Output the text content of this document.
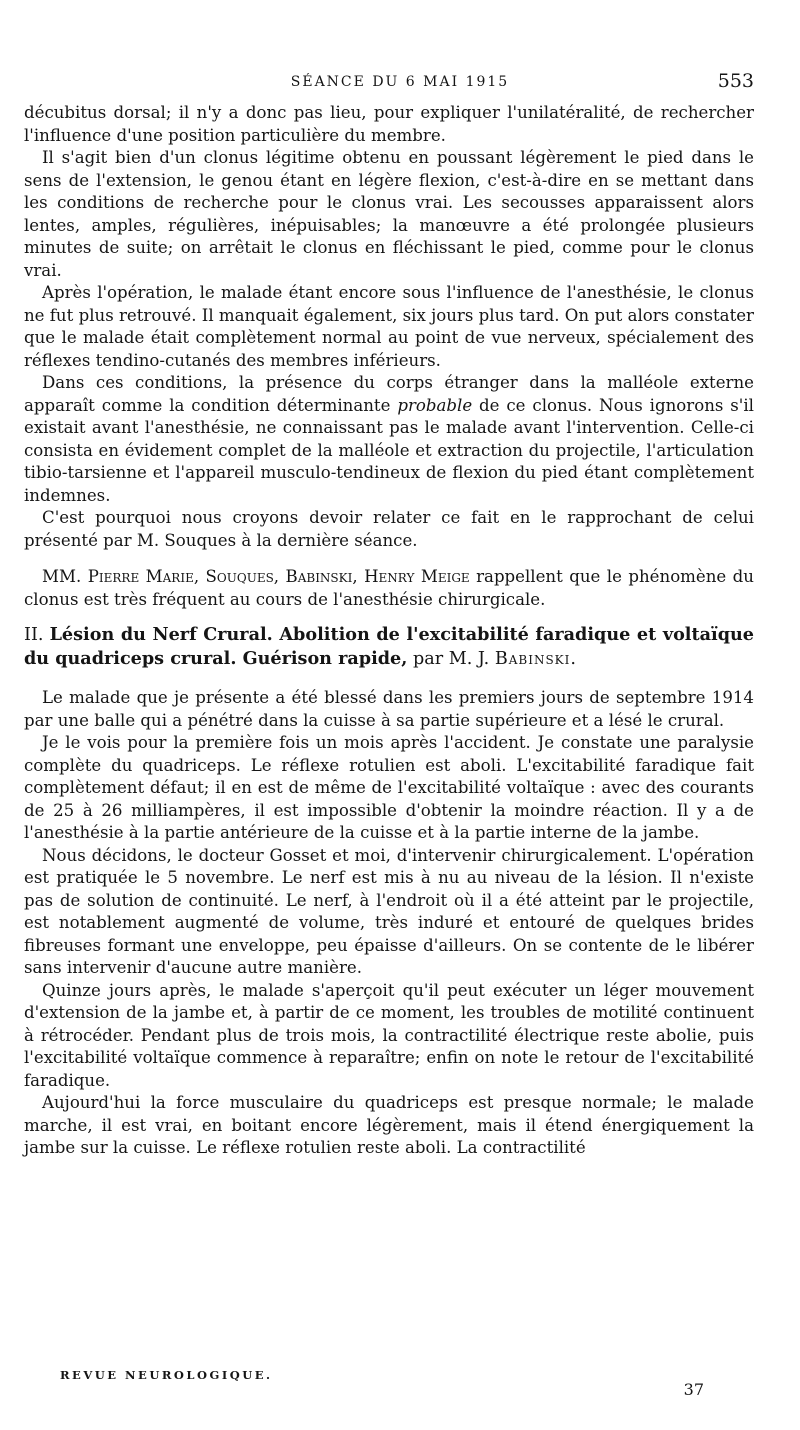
SÉANCE DU 6 MAI 1915	553

décubitus dorsal; il n'y a donc pas lieu, pour expliquer l'unilatéralité, de rechercher l'influence d'une position particulière du membre.

Il s'agit bien d'un clonus légitime obtenu en poussant légèrement le pied dans le sens de l'extension, le genou étant en légère flexion, c'est-à-dire en se mettant dans les conditions de recherche pour le clonus vrai. Les secousses apparaissent alors lentes, amples, régulières, inépuisables; la manœuvre a été prolongée plusieurs minutes de suite; on arrêtait le clonus en fléchissant le pied, comme pour le clonus vrai.

Après l'opération, le malade étant encore sous l'influence de l'anesthésie, le clonus ne fut plus retrouvé. Il manquait également, six jours plus tard. On put alors constater que le malade était complètement normal au point de vue nerveux, spécialement des réflexes tendino-cutanés des membres inférieurs.

Dans ces conditions, la présence du corps étranger dans la malléole externe apparaît comme la condition déterminante probable de ce clonus. Nous ignorons s'il existait avant l'anesthésie, ne connaissant pas le malade avant l'intervention. Celle-ci consista en évidement complet de la malléole et extraction du projectile, l'articulation tibio-tarsienne et l'appareil musculo-tendineux de flexion du pied étant complètement indemnes.

C'est pourquoi nous croyons devoir relater ce fait en le rapprochant de celui présenté par M. Souques à la dernière séance.

MM. Pierre Marie, Souques, Babinski, Henry Meige rappellent que le phénomène du clonus est très fréquent au cours de l'anesthésie chirurgicale.

II. Lésion du Nerf Crural. Abolition de l'excitabilité faradique et voltaïque du quadriceps crural. Guérison rapide, par M. J. Babinski.

Le malade que je présente a été blessé dans les premiers jours de septembre 1914 par une balle qui a pénétré dans la cuisse à sa partie supérieure et a lésé le crural.

Je le vois pour la première fois un mois après l'accident. Je constate une paralysie complète du quadriceps. Le réflexe rotulien est aboli. L'excitabilité faradique fait complètement défaut; il en est de même de l'excitabilité voltaïque : avec des courants de 25 à 26 milliampères, il est impossible d'obtenir la moindre réaction. Il y a de l'anesthésie à la partie antérieure de la cuisse et à la partie interne de la jambe.

Nous décidons, le docteur Gosset et moi, d'intervenir chirurgicalement. L'opération est pratiquée le 5 novembre. Le nerf est mis à nu au niveau de la lésion. Il n'existe pas de solution de continuité. Le nerf, à l'endroit où il a été atteint par le projectile, est notablement augmenté de volume, très induré et entouré de quelques brides fibreuses formant une enveloppe, peu épaisse d'ailleurs. On se contente de le libérer sans intervenir d'aucune autre manière.

Quinze jours après, le malade s'aperçoit qu'il peut exécuter un léger mouvement d'extension de la jambe et, à partir de ce moment, les troubles de motilité continuent à rétrocéder. Pendant plus de trois mois, la contractilité électrique reste abolie, puis l'excitabilité voltaïque commence à reparaître; enfin on note le retour de l'excitabilité faradique.

Aujourd'hui la force musculaire du quadriceps est presque normale; le malade marche, il est vrai, en boitant encore légèrement, mais il étend énergiquement la jambe sur la cuisse. Le réflexe rotulien reste aboli. La contractilité

REVUE NEUROLOGIQUE.
37
